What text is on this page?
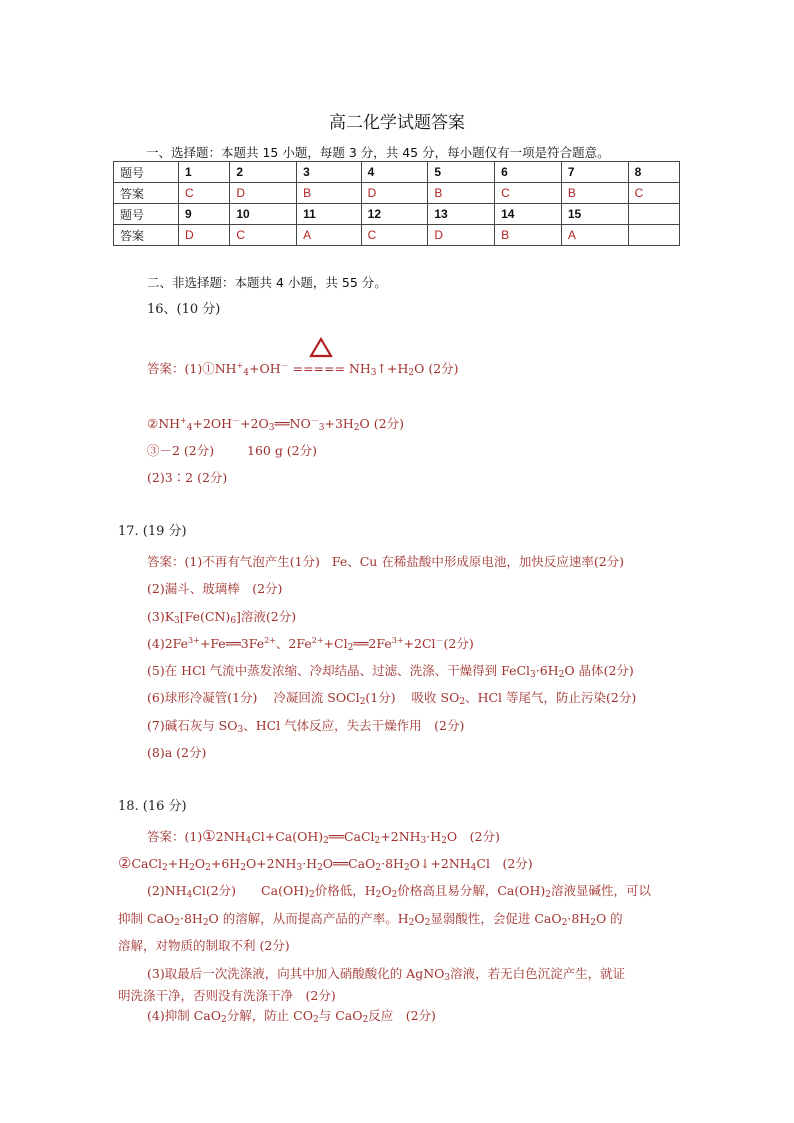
高二化学试题答案
一、选择题：本题共 15 小题，每题 3 分，共 45 分，每小题仅有一项是符合题意。
题号	1	2	3	4	5	6	7	8
答案	C	D	B	D	B	C	B	C
题号	9	10	11	12	13	14	15	
答案	D	C	A	C	D	B	A	
二、非选择题：本题共 4 小题，共 55 分。
16、(10 分)
答案：$(1)①NH^+_4+OH^-$ ===== $NH_3↑+H_2O$ (2分)
$②NH^+_4+2OH^-+2O_3══NO^-_3+3H_2O$ (2分)
③－2 (2分)	160 g (2分)
(2)3∶2 (2分)
17. (19 分)
答案：(1)不再有气泡产生(1分) Fe、Cu 在稀盐酸中形成原电池，加快反应速率(2分)
(2)漏斗、玻璃棒　(2分)
$(3)K_3[Fe(CN)_6]$溶液(2分)
$(4)2Fe^{3+}+Fe══3Fe^{2+}$、$2Fe^{2+}+Cl_2══2Fe^{3+}+2Cl^-(2$分)
(5)在 HCl 气流中蒸发浓缩、冷却结晶、过滤、洗涤、干燥得到 $FeCl_3\cdot 6H_2O$ 晶体(2分)
(6)球形冷凝管(1分) 冷凝回流 SOCl$_2$(1分) 吸收 $SO_2$、HCl 等尾气，防止污染(2分)
(7)碱石灰与 $SO_3$、HCl 气体反应，失去干燥作用　(2分)
(8)a (2分)
18. (16 分)
答案：$(1)①2NH_4Cl+Ca(OH)_2══CaCl_2+2NH_3\cdot H_2O$　(2分)
$②CaCl_2+H_2O_2+6H_2O+2NH_3\cdot H_2O══CaO_2\cdot 8H_2O↓+2NH_4Cl$　(2分)
$(2)NH_4Cl(2$分)　　$Ca(OH)_2$价格低，$H_2O_2$价格高且易分解，$Ca(OH)_2$溶液显碱性，可以
抑制 $CaO_2\cdot 8H_2O$ 的溶解，从而提高产品的产率。$H_2O_2$显弱酸性，会促进 $CaO_2\cdot 8H_2O$ 的
溶解，对物质的制取不利 (2分)
(3)取最后一次洗涤液，向其中加入硝酸酸化的 AgNO$_3$溶液，若无白色沉淀产生，就证
明洗涤干净，否则没有洗涤干净　(2分)
(4)抑制 CaO$_2$分解，防止 $CO_2$与 CaO$_2$反应　(2分)
